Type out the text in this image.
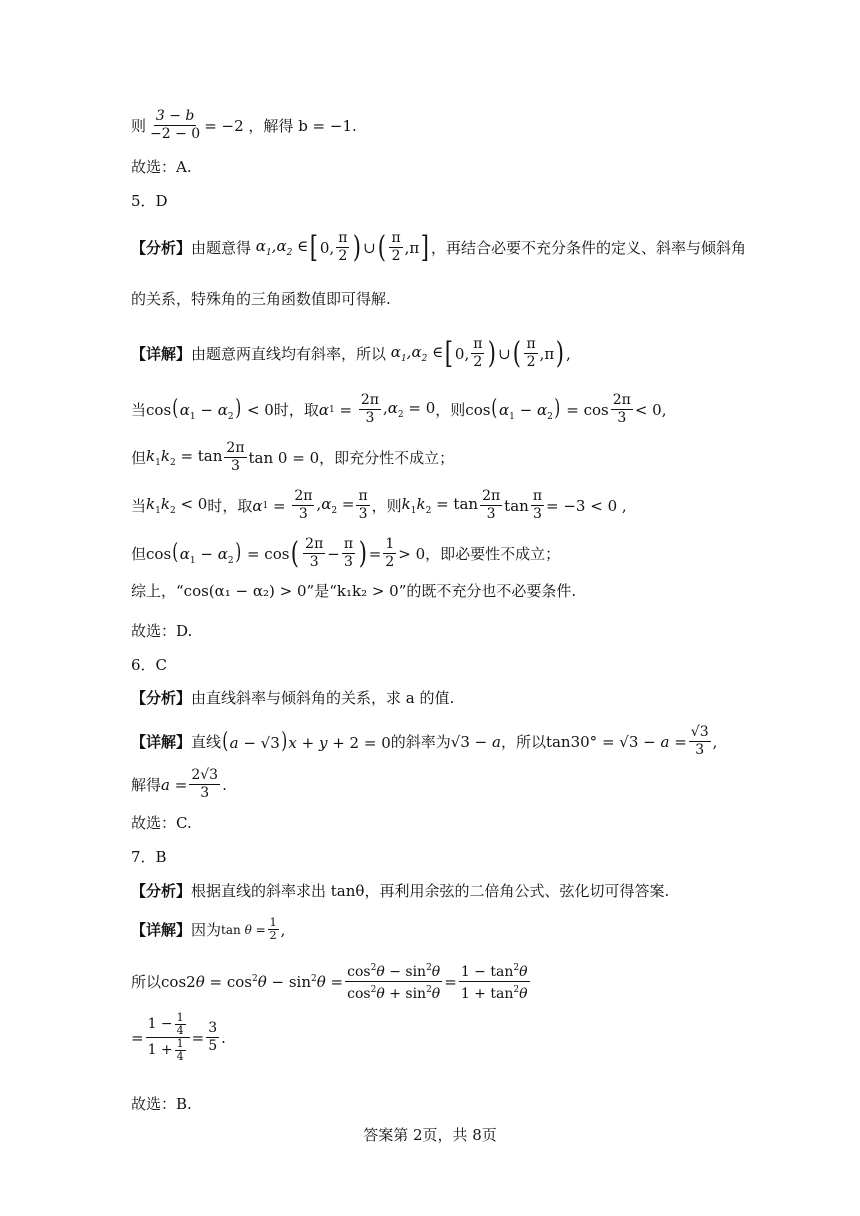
则 $\frac{3 - b}{-2 - 0} = -2$ ，解得 b = −1.
故选：A.
5．D
【分析】 由题意得 $\alpha_1,\alpha_2$ ∈ [ 0, $\frac{\pi}{2}$ ) ∪ ( $\frac{\pi}{2} ,\pi$ ] ，再结合必要不充分条件的定义、斜率与倾斜角
的关系，特殊角的三角函数值即可得解.
【详解】 由题意两直线均有斜率，所以 $\alpha_1,\alpha_2$ ∈ [ 0, $\frac{\pi}{2}$ ) ∪ ( $\frac{\pi}{2} ,\pi$ ) ,
当 $\cos(\alpha_1 - \alpha_2) < 0$ 时，取 α $1 = \frac{2\pi}{3} ,\alpha_2 = 0$ ，则 $\cos(\alpha_1 - \alpha_2) = \cos \frac{2\pi}{3} < 0$,
但 $k_1k_2 = \tan \frac{2\pi}{3}$ tan 0 = 0 ，即充分性不成立；
当 $k_1k_2 < 0$ 时，取 α $1 = \frac{2\pi}{3} ,\alpha_2 = \frac{\pi}{3}$ ，则 $k_1k_2 = \tan \frac{2\pi}{3}$ $\tan \frac{\pi}{3} = -3 < 0$ ,
但 $\cos(\alpha_1 - \alpha_2) = \cos$ ( $\frac{2\pi}{3} - \frac{\pi}{3}$ ) = $\frac{1}{2} > 0$ ，即必要性不成立；
综上，“cos(α₁ − α₂) > 0”是“k₁k₂ > 0”的既不充分也不必要条件.
故选：D.
6．C
【分析】 由直线斜率与倾斜角的关系，求 a 的值.
【详解】 直线 (a − √3)x + y + 2 = 0 的斜率为 √3 − a ，所以 $\tan 30^\circ = √3 - a = \frac{√3}{3}$ ,
解得 $a = \frac{2√3}{3}$ .
故选：C.
7．B
【分析】 根据直线的斜率求出 tanθ，再利用余弦的二倍角公式、弦化切可得答案.
【详解】 因为 $\tan \theta = \frac{1}{2}$ ,
所以 $\cos 2\theta = \cos^2\theta - \sin^2\theta = \frac{\cos^2\theta - \sin^2\theta}{\cos^2\theta + \sin^2\theta} = \frac{1 - \tan^2\theta}{1 + \tan^2\theta}$
= $\frac{1 - \frac{1}{4}}{1 + \frac{1}{4}} = \frac{3}{5}$ .
故选：B.
答案第 2页，共 8页
